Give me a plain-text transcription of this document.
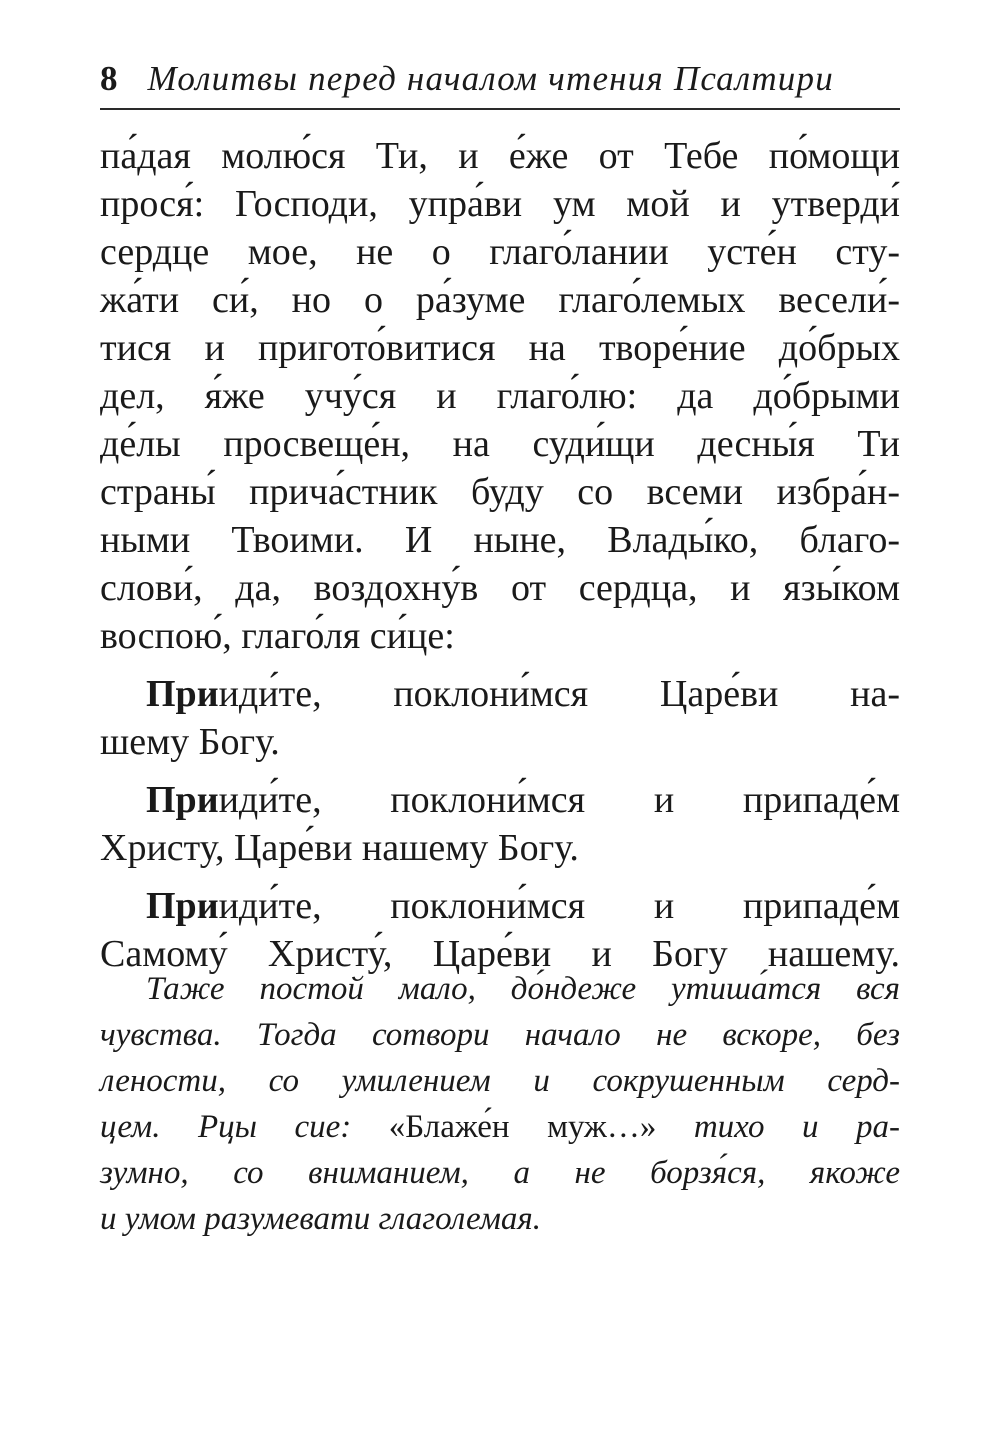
8 Молитвы перед началом чтения Псалтири
па́дая молю́ся Ти, и е́же от Тебе по́мощи
прося́: Господи, упра́ви ум мой и утверди́
сердце мое, не о глаго́лании усте́н сту-
жа́ти си́, но о ра́зуме глаго́лемых весели́-
тися и пригото́витися на творе́ние до́брых
дел, я́же учу́ся и глаго́лю: да до́брыми
де́лы просвеще́н, на суди́щи десны́я Ти
страны́ прича́стник буду со всеми избра́н-
ными Твоими. И ныне, Влады́ко, благо-
слови́, да, воздохну́в от сердца, и язы́ком
воспою́, глаго́ля си́це:
Прииди́те, поклони́мся Царе́ви на-
шему Богу.
Прииди́те, поклони́мся и припаде́м
Христу, Царе́ви нашему Богу.
Прииди́те, поклони́мся и припаде́м
Самому́ Христу́, Царе́ви и Богу нашему.
Таже постой мало, до́ндеже утиша́тся вся
чувства. Тогда сотвори начало не вскоре, без
лености, со умилением и сокрушенным серд-
цем. Рцы сие: «Блаже́н муж…» тихо и ра-
зумно, со вниманием, а не борзя́ся, якоже
и умом разумевати глаголемая.
